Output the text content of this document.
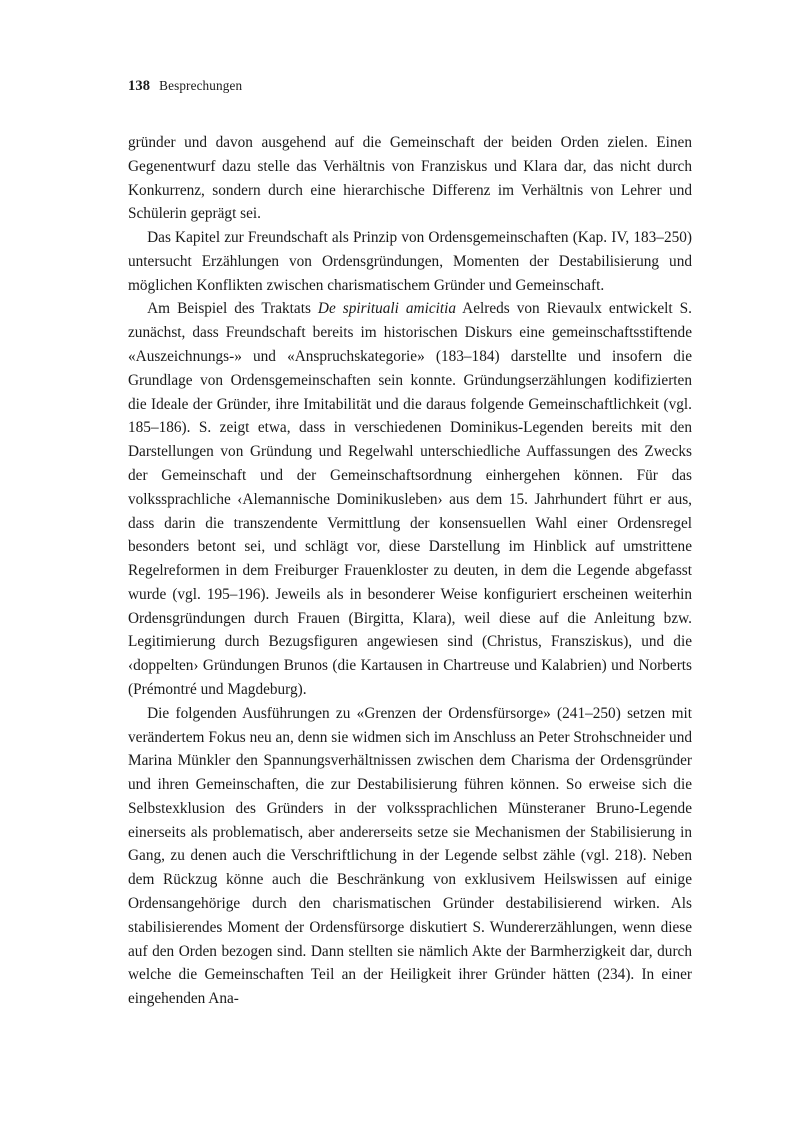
138 Besprechungen

gründer und davon ausgehend auf die Gemeinschaft der beiden Orden zielen. Einen Gegenentwurf dazu stelle das Verhältnis von Franziskus und Klara dar, das nicht durch Konkurrenz, sondern durch eine hierarchische Differenz im Verhältnis von Lehrer und Schülerin geprägt sei.

Das Kapitel zur Freundschaft als Prinzip von Ordensgemeinschaften (Kap. IV, 183–250) untersucht Erzählungen von Ordensgründungen, Momenten der Destabilisierung und möglichen Konflikten zwischen charismatischem Gründer und Gemeinschaft.

Am Beispiel des Traktats De spirituali amicitia Aelreds von Rievaulx entwickelt S. zunächst, dass Freundschaft bereits im historischen Diskurs eine gemeinschaftsstiftende «Auszeichnungs-» und «Anspruchskategorie» (183–184) darstellte und insofern die Grundlage von Ordensgemeinschaften sein konnte. Gründungserzählungen kodifizierten die Ideale der Gründer, ihre Imitabilität und die daraus folgende Gemeinschaftlichkeit (vgl. 185–186). S. zeigt etwa, dass in verschiedenen Dominikus-Legenden bereits mit den Darstellungen von Gründung und Regelwahl unterschiedliche Auffassungen des Zwecks der Gemeinschaft und der Gemeinschaftsordnung einhergehen können. Für das volkssprachliche ‹Alemannische Dominikusleben› aus dem 15. Jahrhundert führt er aus, dass darin die transzendente Vermittlung der konsensuellen Wahl einer Ordensregel besonders betont sei, und schlägt vor, diese Darstellung im Hinblick auf umstrittene Regelreformen in dem Freiburger Frauenkloster zu deuten, in dem die Legende abgefasst wurde (vgl. 195–196). Jeweils als in besonderer Weise konfiguriert erscheinen weiterhin Ordensgründungen durch Frauen (Birgitta, Klara), weil diese auf die Anleitung bzw. Legitimierung durch Bezugsfiguren angewiesen sind (Christus, Fransziskus), und die ‹doppelten› Gründungen Brunos (die Kartausen in Chartreuse und Kalabrien) und Norberts (Prémontré und Magdeburg).

Die folgenden Ausführungen zu «Grenzen der Ordensfürsorge» (241–250) setzen mit verändertem Fokus neu an, denn sie widmen sich im Anschluss an Peter Strohschneider und Marina Münkler den Spannungsverhältnissen zwischen dem Charisma der Ordensgründer und ihren Gemeinschaften, die zur Destabilisierung führen können. So erweise sich die Selbstexklusion des Gründers in der volkssprachlichen Münsteraner Bruno-Legende einerseits als problematisch, aber andererseits setze sie Mechanismen der Stabilisierung in Gang, zu denen auch die Verschriftlichung in der Legende selbst zähle (vgl. 218). Neben dem Rückzug könne auch die Beschränkung von exklusivem Heilswissen auf einige Ordensangehörige durch den charismatischen Gründer destabilisierend wirken. Als stabilisierendes Moment der Ordensfürsorge diskutiert S. Wundererzählungen, wenn diese auf den Orden bezogen sind. Dann stellten sie nämlich Akte der Barmherzigkeit dar, durch welche die Gemeinschaften Teil an der Heiligkeit ihrer Gründer hätten (234). In einer eingehenden Ana-
